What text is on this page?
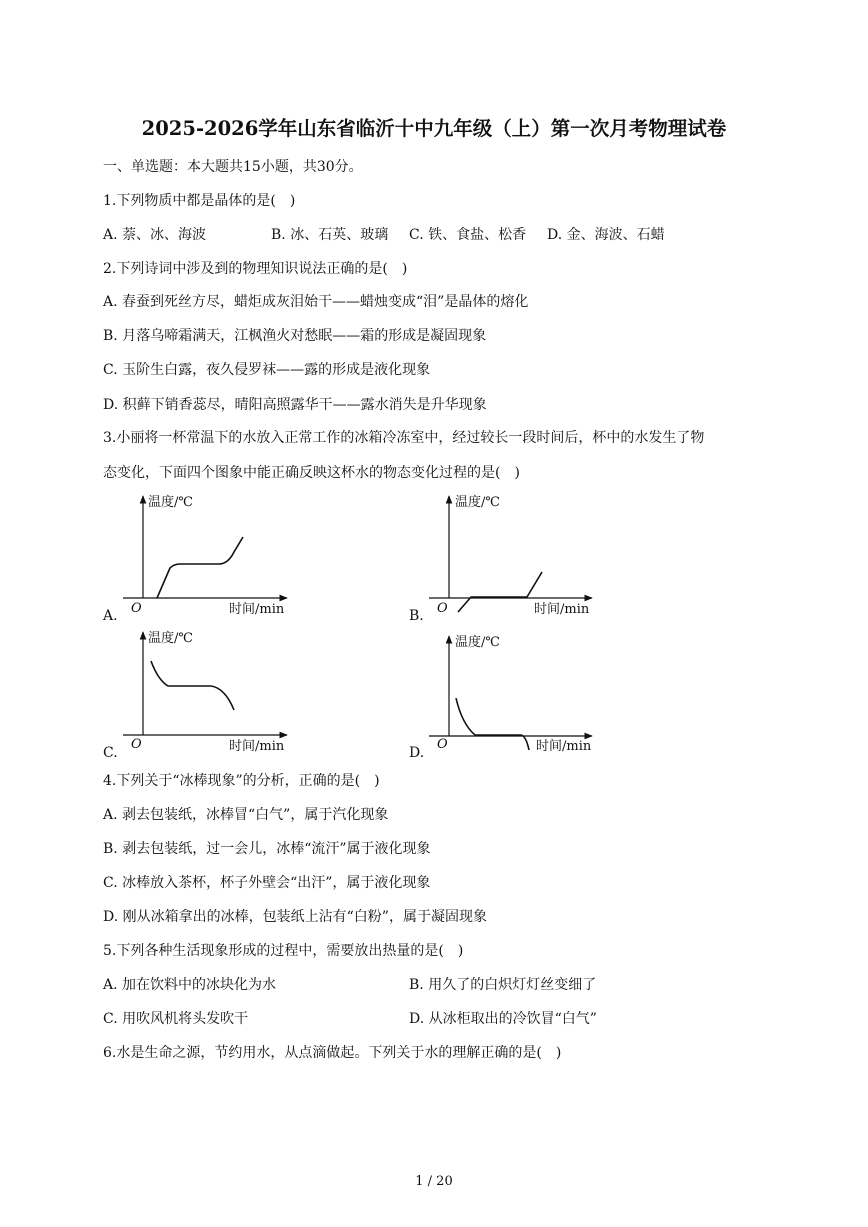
2025-2026学年山东省临沂十中九年级（上）第一次月考物理试卷
一、单选题：本大题共15小题，共30分。
1.下列物质中都是晶体的是(　)
A. 萘、冰、海波	B. 冰、石英、玻璃 C. 铁、食盐、松香 D. 金、海波、石蜡
2.下列诗词中涉及到的物理知识说法正确的是(　)
A. 春蚕到死丝方尽，蜡炬成灰泪始干——蜡烛变成“泪”是晶体的熔化
B. 月落乌啼霜满天，江枫渔火对愁眠——霜的形成是凝固现象
C. 玉阶生白露，夜久侵罗袜——露的形成是液化现象
D. 积藓下销香蕊尽，晴阳高照露华干——露水消失是升华现象
3.小丽将一杯常温下的水放入正常工作的冰箱冷冻室中，经过较长一段时间后，杯中的水发生了物
态变化，下面四个图象中能正确反映这杯水的物态变化过程的是(　)
A.
温度/℃
时间/min
O
温度/℃
时间/min
O
温度/℃
时间/min
O
温度/℃
时间/min
O
B.
C.	D.
4.下列关于“冰棒现象”的分析，正确的是(　)
A. 剥去包装纸，冰棒冒“白气”，属于汽化现象
B. 剥去包装纸，过一会儿，冰棒“流汗”属于液化现象
C. 冰棒放入茶杯，杯子外壁会“出汗”，属于液化现象
D. 刚从冰箱拿出的冰棒，包装纸上沾有“白粉”，属于凝固现象
5.下列各种生活现象形成的过程中，需要放出热量的是(　)
A. 加在饮料中的冰块化为水	B. 用久了的白炽灯灯丝变细了
C. 用吹风机将头发吹干	D. 从冰柜取出的冷饮冒“白气”
6.水是生命之源，节约用水，从点滴做起。下列关于水的理解正确的是(　)
1 / 20
